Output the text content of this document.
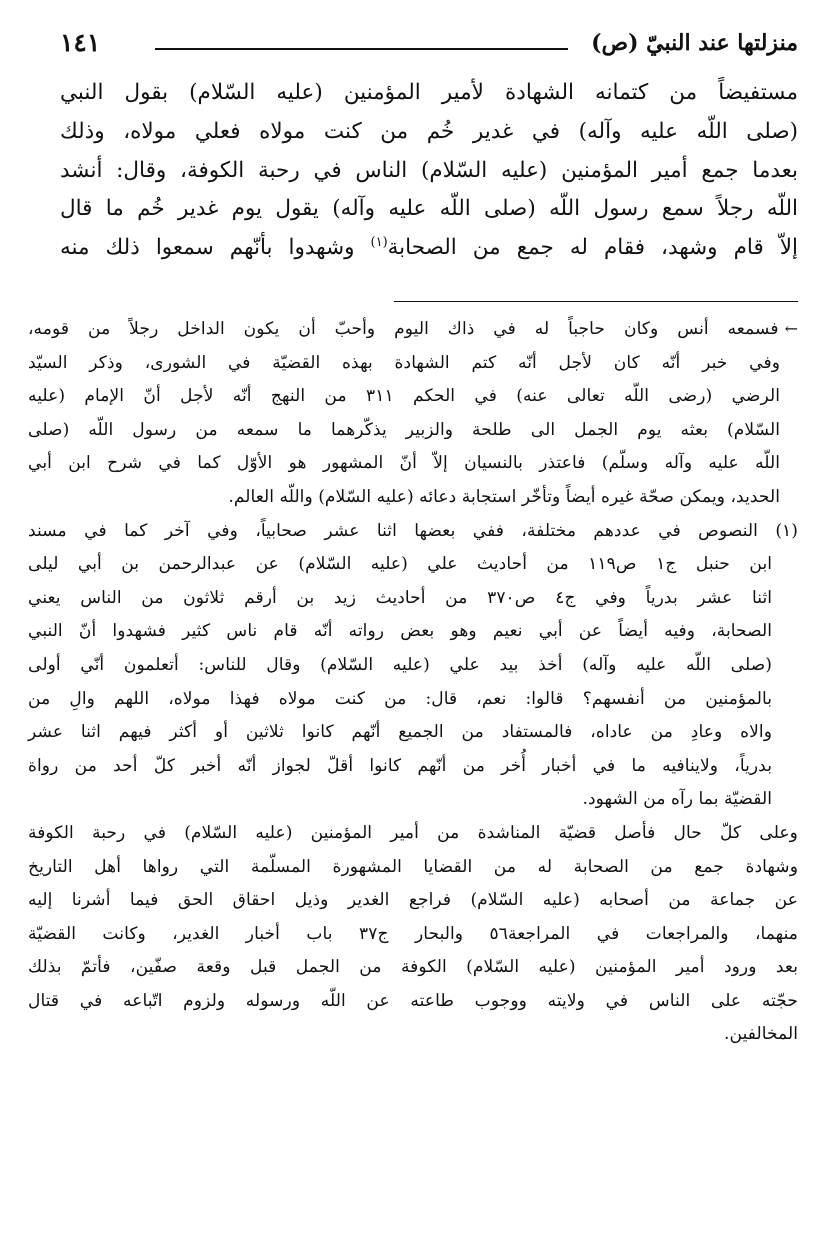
منزلتها عند النبيّ (ص)
١٤١
مستفيضاً من كتمانه الشهادة لأمير المؤمنين (عليه السّلام) بقول النبي
(صلى اللّه عليه وآله) في غدير خُم من كنت مولاه فعلي مولاه، وذلك
بعدما جمع أمير المؤمنين (عليه السّلام) الناس في رحبة الكوفة، وقال: أنشد
اللّه رجلاً سمع رسول اللّه (صلى اللّه عليه وآله) يقول يوم غدير خُم ما قال
إلاّ قام وشهد، فقام له جمع من الصحابة$^{(١)}$ وشهدوا بأنّهم سمعوا ذلك منه
←فسمعه أنس وكان حاجباً له في ذاك اليوم وأحبّ أن يكون الداخل رجلاً من قومه،
وفي خبر أنّه كان لأجل أنّه كتم الشهادة بهذه القضيّة في الشورى، وذكر السيّد
الرضي (رضى اللّه تعالى عنه) في الحكم ٣١١ من النهج أنّه لأجل أنّ الإمام (عليه
السّلام) بعثه يوم الجمل الى طلحة والزبير يذكّرهما ما سمعه من رسول اللّه (صلى
اللّه عليه وآله وسلّم) فاعتذر بالنسيان إلاّ أنّ المشهور هو الأوّل كما في شرح ابن أبي
الحديد، ويمكن صحّة غيره أيضاً وتأخّر استجابة دعائه (عليه السّلام) واللّه العالم.
(١) النصوص في عددهم مختلفة، ففي بعضها اثنا عشر صحابياً، وفي آخر كما في مسند
ابن حنبل ج١ ص١١٩ من أحاديث علي (عليه السّلام) عن عبدالرحمن بن أبي ليلى
اثنا عشر بدرياً وفي ج٤ ص٣٧٠ من أحاديث زيد بن أرقم ثلاثون من الناس يعني
الصحابة، وفيه أيضاً عن أبي نعيم وهو بعض رواته أنّه قام ناس كثير فشهدوا أنّ النبي
(صلى اللّه عليه وآله) أخذ بيد علي (عليه السّلام) وقال للناس: أتعلمون أنّي أولى
بالمؤمنين من أنفسهم؟ قالوا: نعم، قال: من كنت مولاه فهذا مولاه، اللهم والِ من
والاه وعادِ من عاداه، فالمستفاد من الجميع أنّهم كانوا ثلاثين أو أكثر فيهم اثنا عشر
بدرياً، ولاينافيه ما في أخبار أُخر من أنّهم كانوا أقلّ لجواز أنّه أخبر كلّ أحد من رواة
القضيّة بما رآه من الشهود.
وعلى كلّ حال فأصل قضيّة المناشدة من أمير المؤمنين (عليه السّلام) في رحبة الكوفة
وشهادة جمع من الصحابة له من القضايا المشهورة المسلّمة التي رواها أهل التاريخ
عن جماعة من أصحابه (عليه السّلام) فراجع الغدير وذيل احقاق الحق فيما أشرنا إليه
منهما، والمراجعات في المراجعة٥٦ والبحار ج٣٧ باب أخبار الغدير، وكانت القضيّة
بعد ورود أمير المؤمنين (عليه السّلام) الكوفة من الجمل قبل وقعة صفّين، فأتمّ بذلك
حجّته على الناس في ولايته ووجوب طاعته عن اللّه ورسوله ولزوم اتّباعه في قتال
المخالفين.
